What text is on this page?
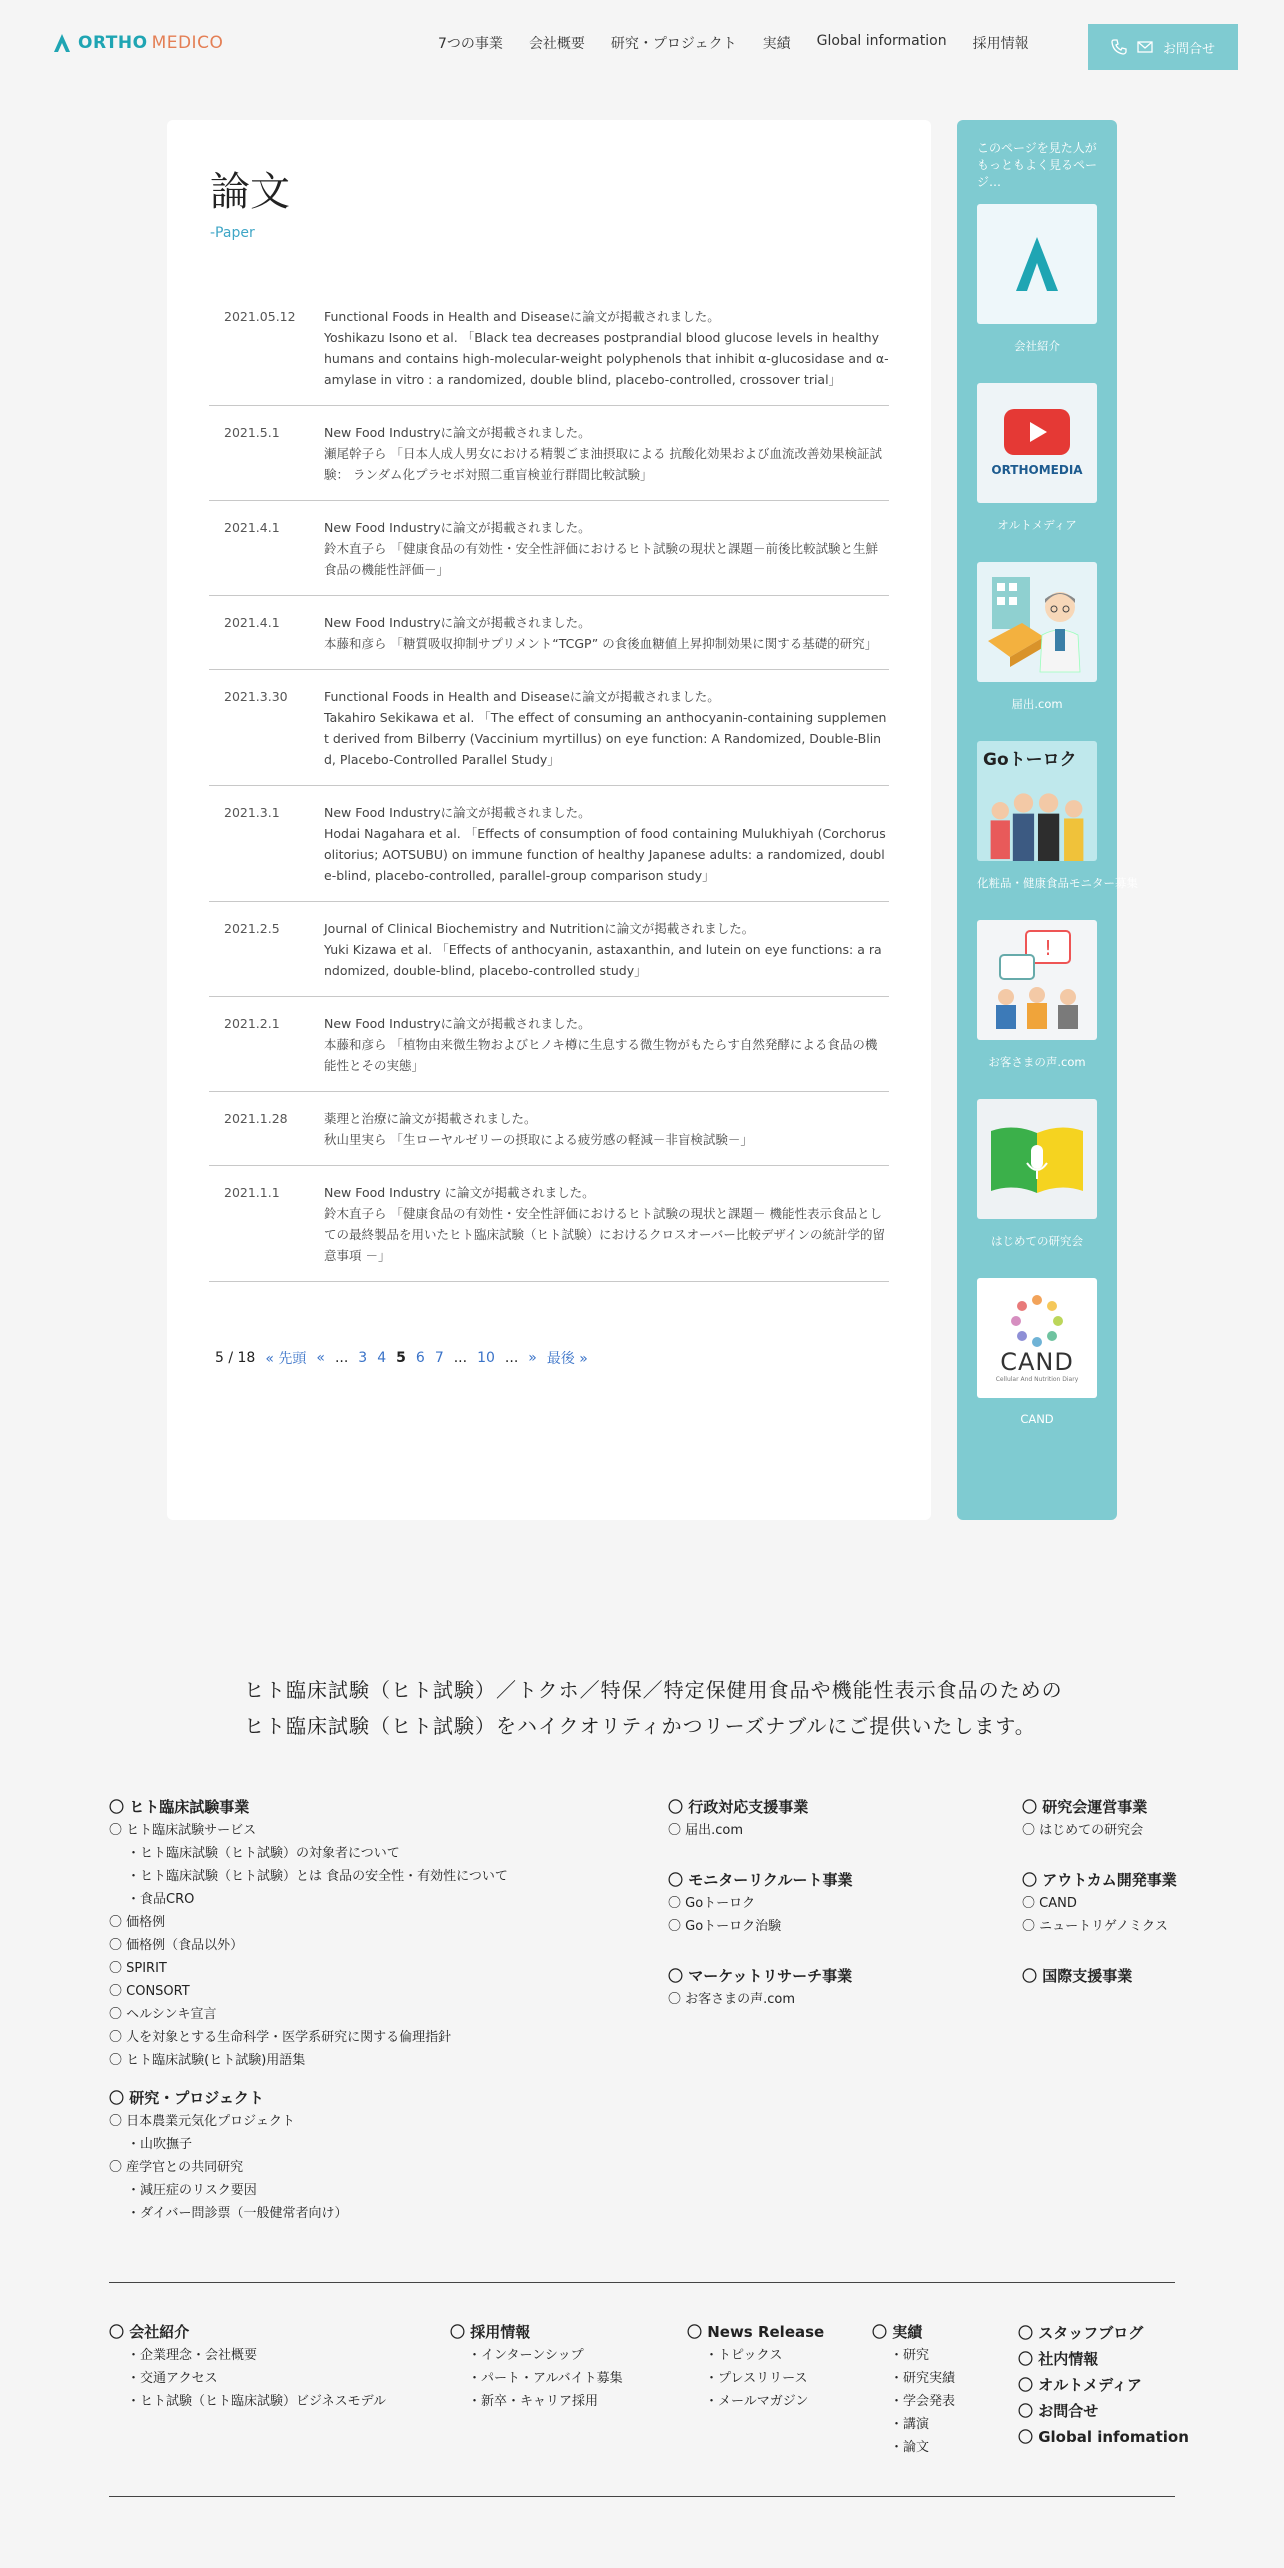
ORTHO MEDICO	7つの事業 会社概要 研究・プロジェクト 実績 Global information 採用情報	お問合せ
論文
-Paper
2021.05.12	Functional Foods in Health and Diseaseに論文が掲載されました。
Yoshikazu Isono et al. 「Black tea decreases postprandial blood glucose levels in healthy humans and contains high-molecular-weight polyphenols that inhibit α-glucosidase and α-amylase in vitro : a randomized, double blind, placebo-controlled, crossover trial」
2021.5.1	New Food Industryに論文が掲載されました。
瀬尾幹子ら 「日本人成人男女における精製ごま油摂取による 抗酸化効果および血流改善効果検証試験： ランダム化プラセボ対照二重盲検並行群間比較試験」
2021.4.1	New Food Industryに論文が掲載されました。
鈴木直子ら 「健康食品の有効性・安全性評価におけるヒト試験の現状と課題－前後比較試験と生鮮食品の機能性評価－」
2021.4.1	New Food Industryに論文が掲載されました。
本藤和彦ら 「糖質吸収抑制サプリメント“TCGP” の食後血糖値上昇抑制効果に関する基礎的研究」
2021.3.30	Functional Foods in Health and Diseaseに論文が掲載されました。
Takahiro Sekikawa et al. 「The effect of consuming an anthocyanin-containing supplement derived from Bilberry (Vaccinium myrtillus) on eye function: A Randomized, Double-Blind, Placebo-Controlled Parallel Study」
2021.3.1	New Food Industryに論文が掲載されました。
Hodai Nagahara et al. 「Effects of consumption of food containing Mulukhiyah (Corchorus olitorius; AOTSUBU) on immune function of healthy Japanese adults: a randomized, double-blind, placebo-controlled, parallel-group comparison study」
2021.2.5	Journal of Clinical Biochemistry and Nutritionに論文が掲載されました。
Yuki Kizawa et al. 「Effects of anthocyanin, astaxanthin, and lutein on eye functions: a randomized, double-blind, placebo-controlled study」
2021.2.1	New Food Industryに論文が掲載されました。
本藤和彦ら 「植物由来微生物およびヒノキ樽に生息する微生物がもたらす自然発酵による食品の機能性とその実態」
2021.1.28	薬理と治療に論文が掲載されました。
秋山里実ら 「生ローヤルゼリーの摂取による疲労感の軽減－非盲検試験－」
2021.1.1	New Food Industry に論文が掲載されました。
鈴木直子ら 「健康食品の有効性・安全性評価におけるヒト試験の現状と課題－ 機能性表示食品としての最終製品を用いたヒト臨床試験（ヒト試験）におけるクロスオーバー比較デザインの統計学的留意事項 －」
5 / 18 « 先頭 « ... 3 4 5 6 7 ... 10 ... » 最後 »
このページを見た人がもっともよく見るページ…
会社紹介
ORTHOMEDIA
オルトメディア
届出.com
Goトーロク
化粧品・健康食品モニター募集
!
お客さまの声.com
はじめての研究会
CAND
Cellular And Nutrition Diary
CAND
ヒト臨床試験（ヒト試験）／トクホ／特保／特定保健用食品や機能性表示食品のための
ヒト臨床試験（ヒト試験）をハイクオリティかつリーズナブルにご提供いたします。
〇 ヒト臨床試験事業
〇 ヒト臨床試験サービス
・ヒト臨床試験（ヒト試験）の対象者について
・ヒト臨床試験（ヒト試験）とは 食品の安全性・有効性について
・食品CRO
〇 価格例
〇 価格例（食品以外）
〇 SPIRIT
〇 CONSORT
〇 ヘルシンキ宣言
〇 人を対象とする生命科学・医学系研究に関する倫理指針
〇 ヒト臨床試験(ヒト試験)用語集
〇 研究・プロジェクト
〇 日本農業元気化プロジェクト
・山吹撫子
〇 産学官との共同研究
・減圧症のリスク要因
・ダイバー問診票（一般健常者向け）
〇 行政対応支援事業
〇 届出.com
〇 モニターリクルート事業
〇 Goトーロク
〇 Goトーロク治験
〇 マーケットリサーチ事業
〇 お客さまの声.com
〇 研究会運営事業
〇 はじめての研究会
〇 アウトカム開発事業
〇 CAND
〇 ニュートリゲノミクス
〇 国際支援事業
〇 会社紹介
・企業理念・会社概要
・交通アクセス
・ヒト試験（ヒト臨床試験）ビジネスモデル
〇 採用情報
・インターンシップ
・パート・アルバイト募集
・新卒・キャリア採用
〇 News Release
・トピックス
・プレスリリース
・メールマガジン
〇 実績
・研究
・研究実績
・学会発表
・講演
・論文
〇 スタッフブログ
〇 社内情報
〇 オルトメディア
〇 お問合せ
〇 Global infomation
